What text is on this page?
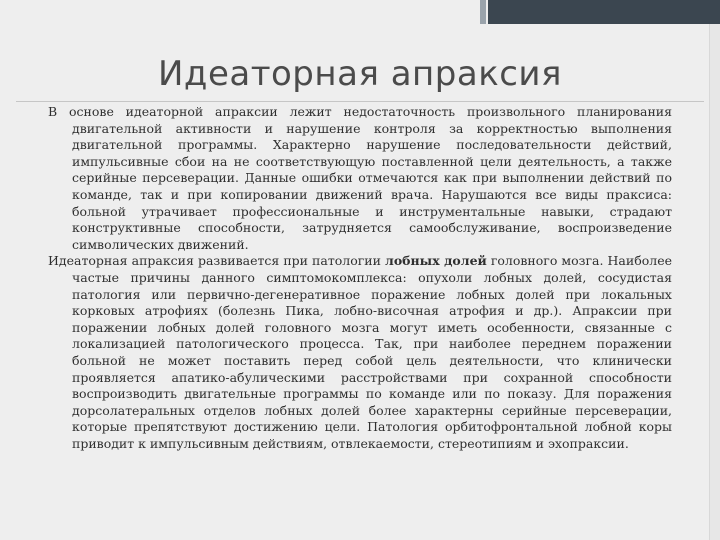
Идеаторная апраксия

В основе идеаторной апраксии лежит недостаточность произвольного планирования двигательной активности и нарушение контроля за корректностью выполнения двигательной программы. Характерно нарушение последовательности действий, импульсивные сбои на не соответствующую поставленной цели деятельность, а также серийные персеверации. Данные ошибки отмечаются как при выполнении действий по команде, так и при копировании движений врача. Нарушаются все виды праксиса: больной утрачивает профессиональные и инструментальные навыки, страдают конструктивные способности, затрудняется самообслуживание, воспроизведение символических движений.

Идеаторная апраксия развивается при патологии лобных долей головного мозга. Наиболее частые причины данного симптомокомплекса: опухоли лобных долей, сосудистая патология или первично-дегенеративное поражение лобных долей при локальных корковых атрофиях (болезнь Пика, лобно-височная атрофия и др.). Апраксии при поражении лобных долей головного мозга могут иметь особенности, связанные с локализацией патологического процесса. Так, при наиболее переднем поражении больной не может поставить перед собой цель деятельности, что клинически проявляется апатико-абулическими расстройствами при сохранной способности воспроизводить двигательные программы по команде или по показу. Для поражения дорсолатеральных отделов лобных долей более характерны серийные персеверации, которые препятствуют достижению цели. Патология орбитофронтальной лобной коры приводит к импульсивным действиям, отвлекаемости, стереотипиям и эхопраксии.
